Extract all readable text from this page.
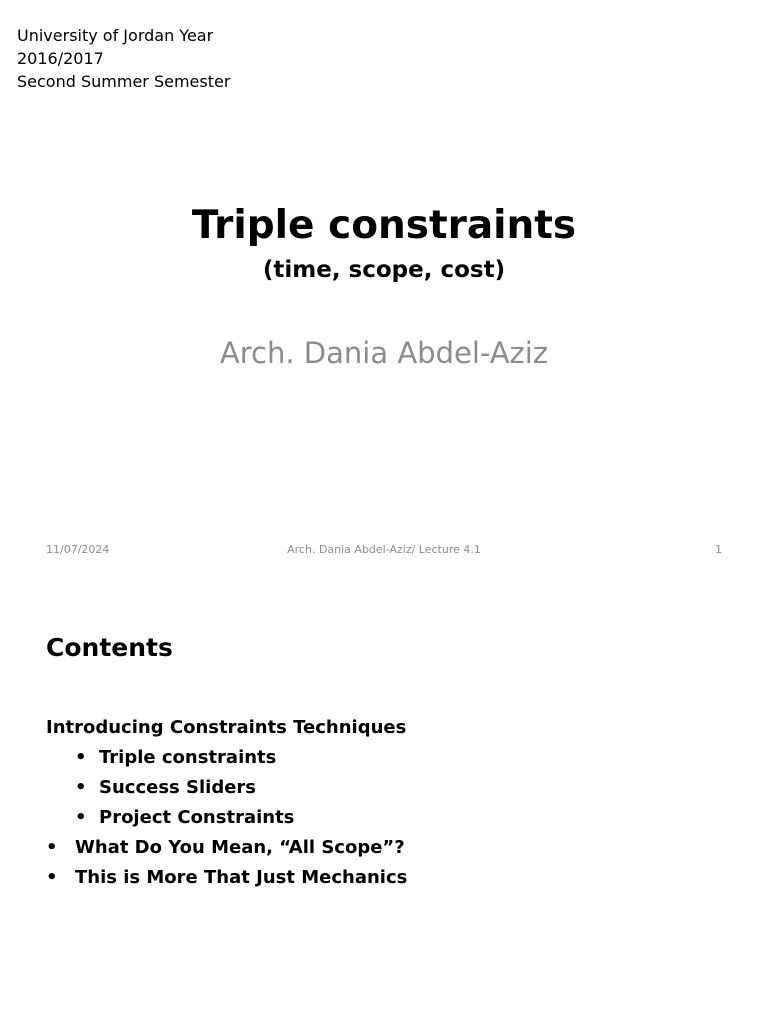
University of Jordan Year
2016/2017
Second Summer Semester
Triple constraints
(time, scope, cost)
Arch. Dania Abdel-Aziz
11/07/2024	Arch. Dania Abdel-Aziz/ Lecture 4.1	1
Contents
Introducing Constraints Techniques
• Triple constraints
• Success Sliders
• Project Constraints
• What Do You Mean, “All Scope”?
• This is More That Just Mechanics
